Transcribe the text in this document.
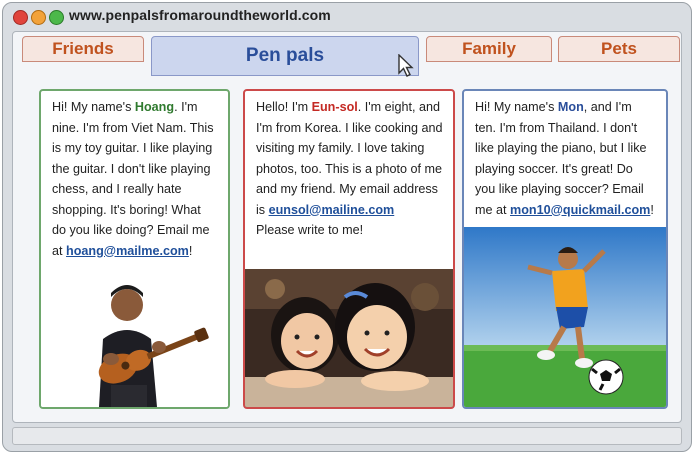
www.penpalsfromaroundtheworld.com
Friends	Pen pals	Family	Pets
Hi! My name's Hoang. I'm nine. I'm from Viet Nam. This is my toy guitar. I like playing the guitar. I don't like playing chess, and I really hate shopping. It's boring! What do you like doing? Email me at hoang@mailme.com!
Hello! I'm Eun-sol. I'm eight, and I'm from Korea. I like cooking and visiting my family. I love taking photos, too. This is a photo of me and my friend. My email address is eunsol@mailine.com
Please write to me!
Hi! My name's Mon, and I'm ten. I'm from Thailand. I don't like playing the piano, but I like playing soccer. It's great! Do you like playing soccer? Email me at mon10@quickmail.com!
